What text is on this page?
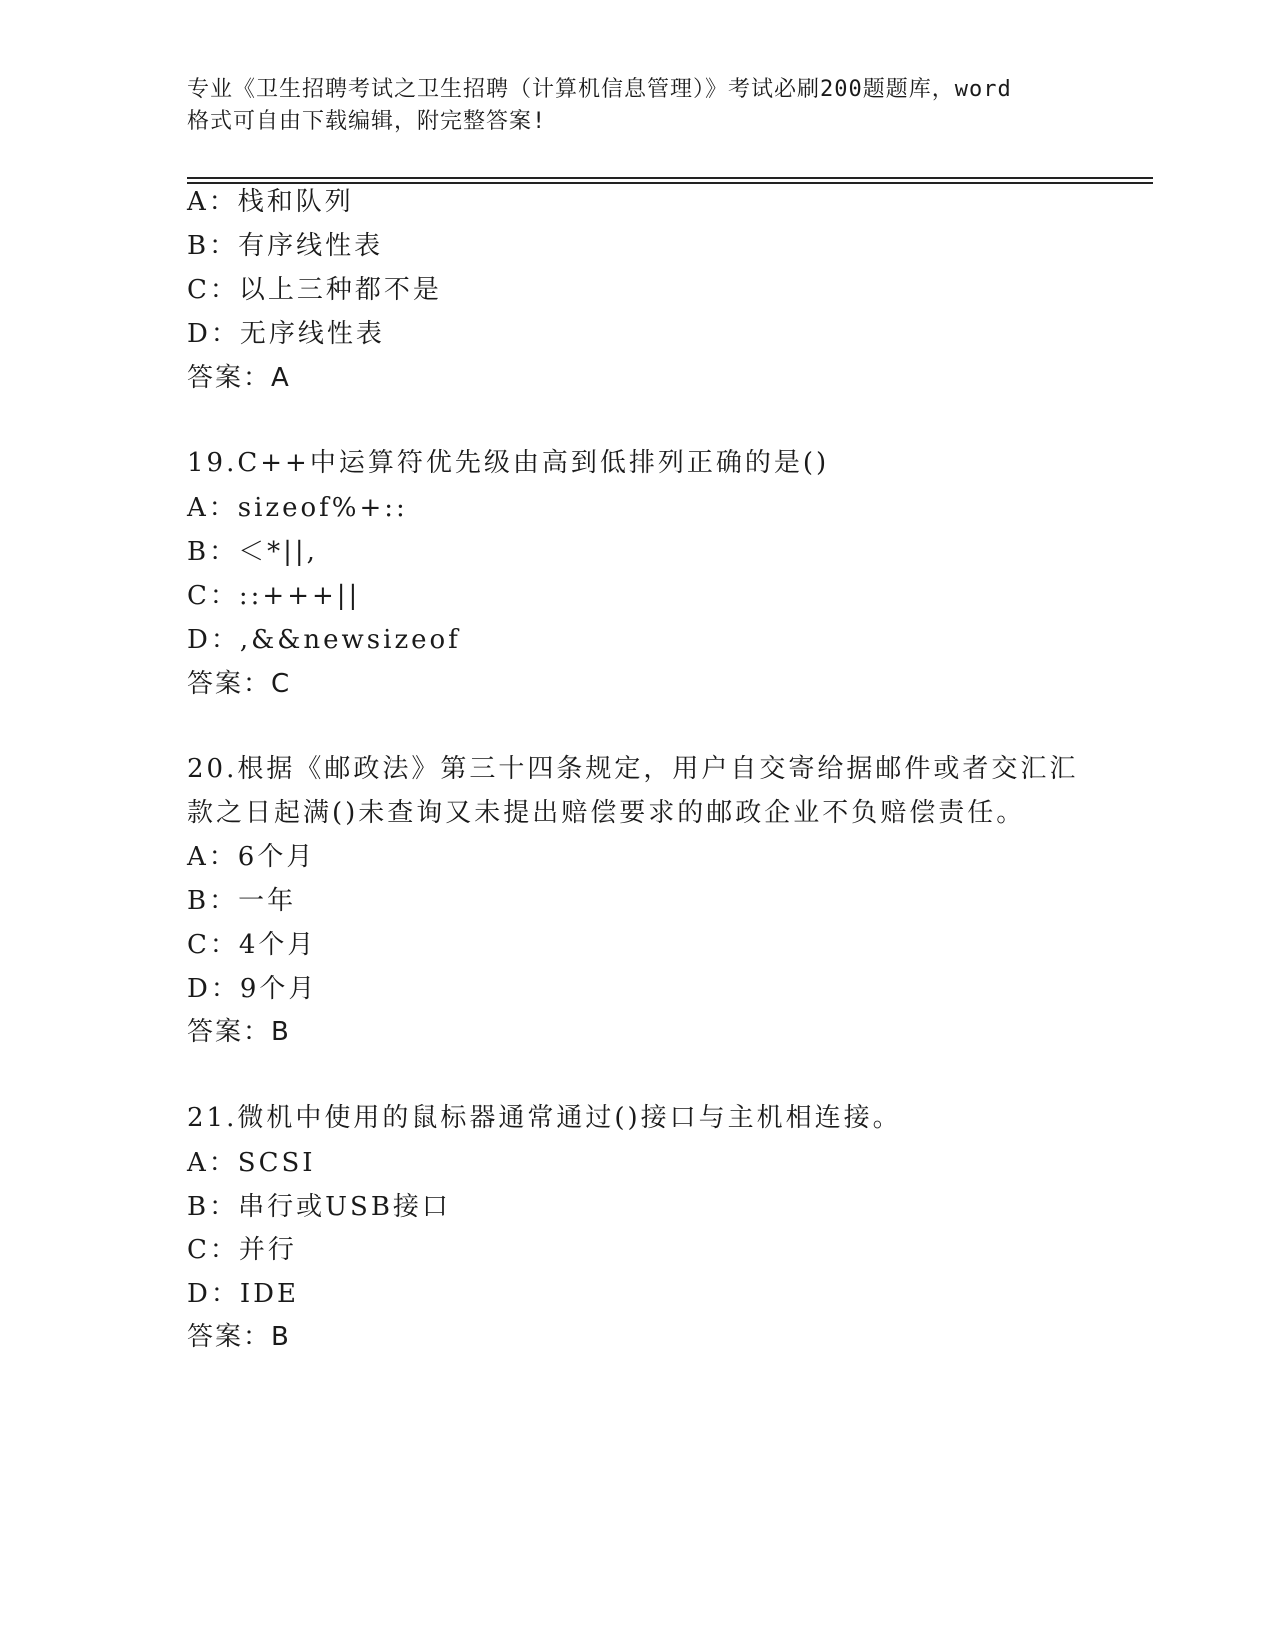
专业《卫生招聘考试之卫生招聘（计算机信息管理）》考试必刷200题题库，word
格式可自由下载编辑，附完整答案!
A：栈和队列
B：有序线性表
C：以上三种都不是
D：无序线性表
答案：A
19.C++中运算符优先级由高到低排列正确的是()
A：sizeof%+::
B：＜*||,
C：::+++||
D：,&&newsizeof
答案：C
20.根据《邮政法》第三十四条规定，用户自交寄给据邮件或者交汇汇
款之日起满()未查询又未提出赔偿要求的邮政企业不负赔偿责任。
A：6个月
B：一年
C：4个月
D：9个月
答案：B
21.微机中使用的鼠标器通常通过()接口与主机相连接。
A：SCSI
B：串行或USB接口
C：并行
D：IDE
答案：B
